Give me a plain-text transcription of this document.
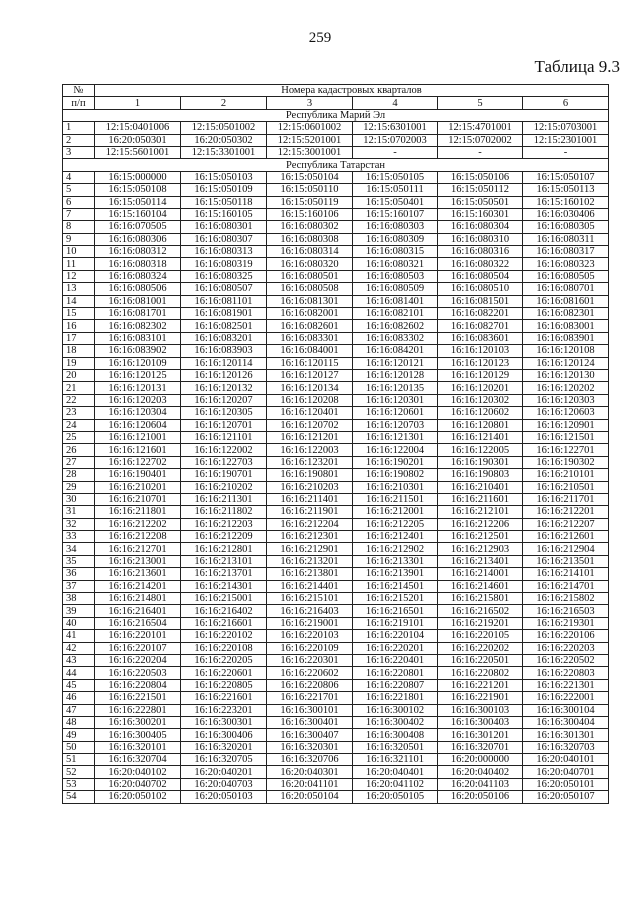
259
Таблица 9.3
№	Номера кадастровых кварталов					
п/п	1	2	3	4	5	6
Республика Марий Эл						
1	12:15:0401006	12:15:0501002	12:15:0601002	12:15:6301001	12:15:4701001	12:15:0703001
2	16:20:050301	16:20:050302	12:15:5201001	12:15:0702003	12:15:0702002	12:15:2301001
3	12:15:5601001	12:15:3301001	12:15:3001001	-	-	-
Республика Татарстан						
4	16:15:000000	16:15:050103	16:15:050104	16:15:050105	16:15:050106	16:15:050107
5	16:15:050108	16:15:050109	16:15:050110	16:15:050111	16:15:050112	16:15:050113
6	16:15:050114	16:15:050118	16:15:050119	16:15:050401	16:15:050501	16:15:160102
7	16:15:160104	16:15:160105	16:15:160106	16:15:160107	16:15:160301	16:16:030406
8	16:16:070505	16:16:080301	16:16:080302	16:16:080303	16:16:080304	16:16:080305
9	16:16:080306	16:16:080307	16:16:080308	16:16:080309	16:16:080310	16:16:080311
10	16:16:080312	16:16:080313	16:16:080314	16:16:080315	16:16:080316	16:16:080317
11	16:16:080318	16:16:080319	16:16:080320	16:16:080321	16:16:080322	16:16:080323
12	16:16:080324	16:16:080325	16:16:080501	16:16:080503	16:16:080504	16:16:080505
13	16:16:080506	16:16:080507	16:16:080508	16:16:080509	16:16:080510	16:16:080701
14	16:16:081001	16:16:081101	16:16:081301	16:16:081401	16:16:081501	16:16:081601
15	16:16:081701	16:16:081901	16:16:082001	16:16:082101	16:16:082201	16:16:082301
16	16:16:082302	16:16:082501	16:16:082601	16:16:082602	16:16:082701	16:16:083001
17	16:16:083101	16:16:083201	16:16:083301	16:16:083302	16:16:083601	16:16:083901
18	16:16:083902	16:16:083903	16:16:084001	16:16:084201	16:16:120103	16:16:120108
19	16:16:120109	16:16:120114	16:16:120115	16:16:120121	16:16:120123	16:16:120124
20	16:16:120125	16:16:120126	16:16:120127	16:16:120128	16:16:120129	16:16:120130
21	16:16:120131	16:16:120132	16:16:120134	16:16:120135	16:16:120201	16:16:120202
22	16:16:120203	16:16:120207	16:16:120208	16:16:120301	16:16:120302	16:16:120303
23	16:16:120304	16:16:120305	16:16:120401	16:16:120601	16:16:120602	16:16:120603
24	16:16:120604	16:16:120701	16:16:120702	16:16:120703	16:16:120801	16:16:120901
25	16:16:121001	16:16:121101	16:16:121201	16:16:121301	16:16:121401	16:16:121501
26	16:16:121601	16:16:122002	16:16:122003	16:16:122004	16:16:122005	16:16:122701
27	16:16:122702	16:16:122703	16:16:123201	16:16:190201	16:16:190301	16:16:190302
28	16:16:190401	16:16:190701	16:16:190801	16:16:190802	16:16:190803	16:16:210101
29	16:16:210201	16:16:210202	16:16:210203	16:16:210301	16:16:210401	16:16:210501
30	16:16:210701	16:16:211301	16:16:211401	16:16:211501	16:16:211601	16:16:211701
31	16:16:211801	16:16:211802	16:16:211901	16:16:212001	16:16:212101	16:16:212201
32	16:16:212202	16:16:212203	16:16:212204	16:16:212205	16:16:212206	16:16:212207
33	16:16:212208	16:16:212209	16:16:212301	16:16:212401	16:16:212501	16:16:212601
34	16:16:212701	16:16:212801	16:16:212901	16:16:212902	16:16:212903	16:16:212904
35	16:16:213001	16:16:213101	16:16:213201	16:16:213301	16:16:213401	16:16:213501
36	16:16:213601	16:16:213701	16:16:213801	16:16:213901	16:16:214001	16:16:214101
37	16:16:214201	16:16:214301	16:16:214401	16:16:214501	16:16:214601	16:16:214701
38	16:16:214801	16:16:215001	16:16:215101	16:16:215201	16:16:215801	16:16:215802
39	16:16:216401	16:16:216402	16:16:216403	16:16:216501	16:16:216502	16:16:216503
40	16:16:216504	16:16:216601	16:16:219001	16:16:219101	16:16:219201	16:16:219301
41	16:16:220101	16:16:220102	16:16:220103	16:16:220104	16:16:220105	16:16:220106
42	16:16:220107	16:16:220108	16:16:220109	16:16:220201	16:16:220202	16:16:220203
43	16:16:220204	16:16:220205	16:16:220301	16:16:220401	16:16:220501	16:16:220502
44	16:16:220503	16:16:220601	16:16:220602	16:16:220801	16:16:220802	16:16:220803
45	16:16:220804	16:16:220805	16:16:220806	16:16:220807	16:16:221201	16:16:221301
46	16:16:221501	16:16:221601	16:16:221701	16:16:221801	16:16:221901	16:16:222001
47	16:16:222801	16:16:223201	16:16:300101	16:16:300102	16:16:300103	16:16:300104
48	16:16:300201	16:16:300301	16:16:300401	16:16:300402	16:16:300403	16:16:300404
49	16:16:300405	16:16:300406	16:16:300407	16:16:300408	16:16:301201	16:16:301301
50	16:16:320101	16:16:320201	16:16:320301	16:16:320501	16:16:320701	16:16:320703
51	16:16:320704	16:16:320705	16:16:320706	16:16:321101	16:20:000000	16:20:040101
52	16:20:040102	16:20:040201	16:20:040301	16:20:040401	16:20:040402	16:20:040701
53	16:20:040702	16:20:040703	16:20:041101	16:20:041102	16:20:041103	16:20:050101
54	16:20:050102	16:20:050103	16:20:050104	16:20:050105	16:20:050106	16:20:050107
